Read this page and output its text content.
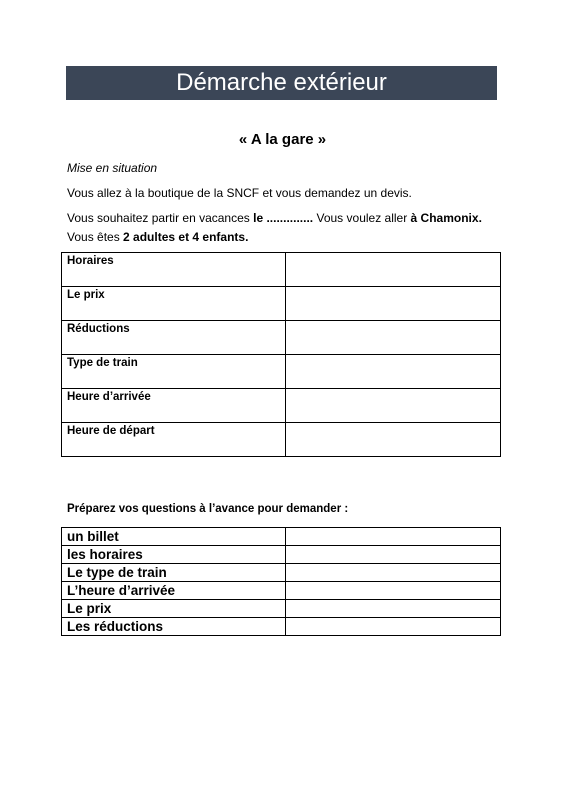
Démarche extérieur
« A la gare »
Mise en situation
Vous allez à la boutique de la SNCF et vous demandez un devis.
Vous souhaitez partir en vacances le .............. Vous voulez aller à Chamonix.
Vous êtes 2 adultes et 4 enfants.
Horaires	
Le prix	
Réductions	
Type de train	
Heure d’arrivée	
Heure de départ	
Préparez vos questions à l’avance pour demander :
un billet	
les horaires	
Le type de train	
L’heure d’arrivée	
Le prix	
Les réductions	
